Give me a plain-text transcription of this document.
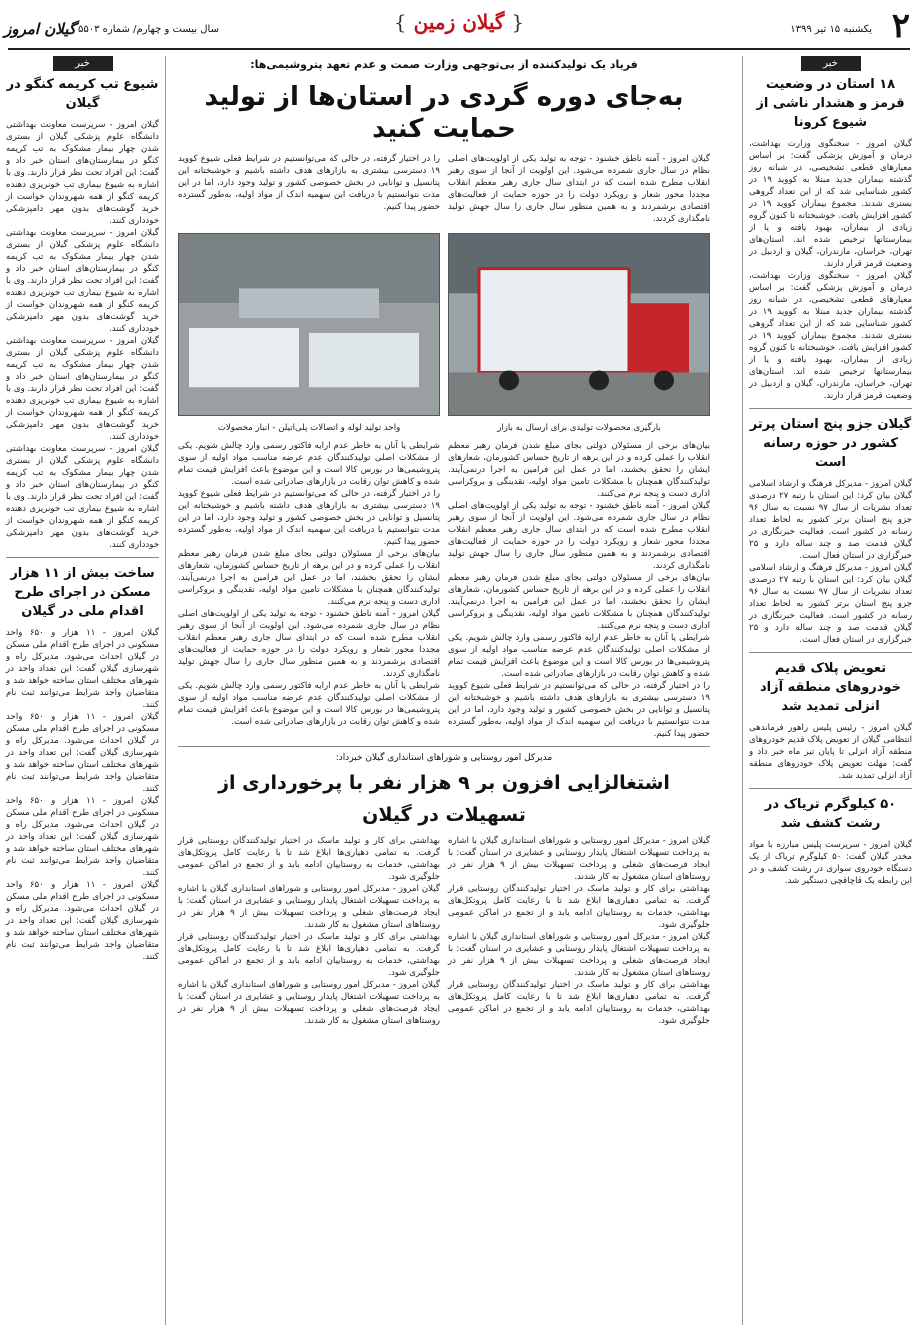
۲
یکشنبه ۱۵ تیر ۱۳۹۹
{ گیلان زمین }
سال بیست و چهارم/ شماره ۵۵۰۳
گیلان امروز
خبر
۱۸ استان در وضعیت قرمز و هشدار ناشی از شیوع کرونا
گیلان امروز - سخنگوی وزارت بهداشت، درمان و آموزش پزشکی گفت: بر اساس معیارهای قطعی تشخیصی، در شبانه روز گذشته بیماران جدید مبتلا به کووید ۱۹ در کشور شناسایی شد که از این تعداد گروهی بستری شدند. مجموع بیماران کووید ۱۹ در کشور افزایش یافت. خوشبختانه تا کنون گروه زیادی از بیماران، بهبود یافته و یا از بیمارستانها ترخیص شده اند. استان‌های تهران، خراسان، مازندران، گیلان و اردبیل در وضعیت قرمز قرار دارند.
گیلان امروز - سخنگوی وزارت بهداشت، درمان و آموزش پزشکی گفت: بر اساس معیارهای قطعی تشخیصی، در شبانه روز گذشته بیماران جدید مبتلا به کووید ۱۹ در کشور شناسایی شد که از این تعداد گروهی بستری شدند. مجموع بیماران کووید ۱۹ در کشور افزایش یافت. خوشبختانه تا کنون گروه زیادی از بیماران، بهبود یافته و یا از بیمارستانها ترخیص شده اند. استان‌های تهران، خراسان، مازندران، گیلان و اردبیل در وضعیت قرمز قرار دارند.
گیلان جزو پنج استان پرتر کشور در حوزه رسانه است
گیلان امروز - مدیرکل فرهنگ و ارشاد اسلامی گیلان بیان کرد: این استان با رتبه ۲۷ درصدی تعداد نشریات از سال ۹۷ نسبت به سال ۹۶ جزو پنج استان برتر کشور به لحاظ تعداد رسانه در کشور است. فعالیت خبرنگاری در گیلان قدمت صد و چند ساله دارد و ۲۵ خبرگزاری در استان فعال است.
گیلان امروز - مدیرکل فرهنگ و ارشاد اسلامی گیلان بیان کرد: این استان با رتبه ۲۷ درصدی تعداد نشریات از سال ۹۷ نسبت به سال ۹۶ جزو پنج استان برتر کشور به لحاظ تعداد رسانه در کشور است. فعالیت خبرنگاری در گیلان قدمت صد و چند ساله دارد و ۲۵ خبرگزاری در استان فعال است.
تعویض پلاک قدیم خودروهای منطقه آزاد انزلی تمدید شد
گیلان امروز - رئیس پلیس راهور فرماندهی انتظامی گیلان از تعویض پلاک قدیم خودروهای منطقه آزاد انزلی تا پایان تیر ماه خبر داد و گفت: مهلت تعویض پلاک خودروهای منطقه آزاد انزلی تمدید شد.
۵۰ کیلوگرم تریاک در رشت کشف شد
گیلان امروز - سرپرست پلیس مبارزه با مواد مخدر گیلان گفت: ۵۰ کیلوگرم تریاک از یک دستگاه خودروی سواری در رشت کشف و در این رابطه یک قاچاقچی دستگیر شد.
فریاد یک تولیدکننده از بی‌توجهی وزارت صمت و عدم تعهد پتروشیمی‌ها:
به‌جای دوره گردی در استان‌ها از تولید حمایت کنید
گیلان امروز - آمنه ناطق خشنود - توجه به تولید یکی از اولویت‌های اصلی نظام در سال جاری شمرده می‌شود. این اولویت از آنجا از سوی رهبر انقلاب مطرح شده است که در ابتدای سال جاری رهبر معظم انقلاب مجددا محور شعار و رویکرد دولت را در حوزه حمایت از فعالیت‌های اقتصادی برشمردند و به همین منظور سال جاری را سال جهش تولید نامگذاری کردند.
را در اختیار گرفته، در حالی که می‌توانستیم در شرایط فعلی شیوع کووید ۱۹ دسترسی بیشتری به بازارهای هدف داشته باشیم و خوشبختانه این پتانسیل و توانایی در بخش خصوصی کشور و تولید وجود دارد، اما در این مدت نتوانستیم با دریافت این سهمیه اندک از مواد اولیه، به‌طور گسترده حضور پیدا کنیم.
بارگیری محصولات تولیدی برای ارسال به بازار
واحد تولید لوله و اتصالات پلی‌اتیلن - انبار محصولات
بیان‌های برخی از مسئولان دولتی بجای مبلغ شدن فرمان رهبر معظم انقلاب را عملی کرده و در این برهه از تاریخ حساس کشورمان، شعارهای ایشان را تحقق بخشند، اما در عمل این فرامین به اجرا درنمی‌آیند. تولیدکنندگان همچنان با مشکلات تامین مواد اولیه، نقدینگی و بروکراسی اداری دست و پنجه نرم می‌کنند.
گیلان امروز - آمنه ناطق خشنود - توجه به تولید یکی از اولویت‌های اصلی نظام در سال جاری شمرده می‌شود. این اولویت از آنجا از سوی رهبر انقلاب مطرح شده است که در ابتدای سال جاری رهبر معظم انقلاب مجددا محور شعار و رویکرد دولت را در حوزه حمایت از فعالیت‌های اقتصادی برشمردند و به همین منظور سال جاری را سال جهش تولید نامگذاری کردند.
بیان‌های برخی از مسئولان دولتی بجای مبلغ شدن فرمان رهبر معظم انقلاب را عملی کرده و در این برهه از تاریخ حساس کشورمان، شعارهای ایشان را تحقق بخشند، اما در عمل این فرامین به اجرا درنمی‌آیند. تولیدکنندگان همچنان با مشکلات تامین مواد اولیه، نقدینگی و بروکراسی اداری دست و پنجه نرم می‌کنند.
شرایطی یا آنان به خاطر عدم ارایه فاکتور رسمی وارد چالش شویم. یکی از مشکلات اصلی تولیدکنندگان عدم عرضه مناسب مواد اولیه از سوی پتروشیمی‌ها در بورس کالا است و این موضوع باعث افزایش قیمت تمام شده و کاهش توان رقابت در بازارهای صادراتی شده است.
را در اختیار گرفته، در حالی که می‌توانستیم در شرایط فعلی شیوع کووید ۱۹ دسترسی بیشتری به بازارهای هدف داشته باشیم و خوشبختانه این پتانسیل و توانایی در بخش خصوصی کشور و تولید وجود دارد، اما در این مدت نتوانستیم با دریافت این سهمیه اندک از مواد اولیه، به‌طور گسترده حضور پیدا کنیم.
شرایطی یا آنان به خاطر عدم ارایه فاکتور رسمی وارد چالش شویم. یکی از مشکلات اصلی تولیدکنندگان عدم عرضه مناسب مواد اولیه از سوی پتروشیمی‌ها در بورس کالا است و این موضوع باعث افزایش قیمت تمام شده و کاهش توان رقابت در بازارهای صادراتی شده است.
را در اختیار گرفته، در حالی که می‌توانستیم در شرایط فعلی شیوع کووید ۱۹ دسترسی بیشتری به بازارهای هدف داشته باشیم و خوشبختانه این پتانسیل و توانایی در بخش خصوصی کشور و تولید وجود دارد، اما در این مدت نتوانستیم با دریافت این سهمیه اندک از مواد اولیه، به‌طور گسترده حضور پیدا کنیم.
بیان‌های برخی از مسئولان دولتی بجای مبلغ شدن فرمان رهبر معظم انقلاب را عملی کرده و در این برهه از تاریخ حساس کشورمان، شعارهای ایشان را تحقق بخشند، اما در عمل این فرامین به اجرا درنمی‌آیند. تولیدکنندگان همچنان با مشکلات تامین مواد اولیه، نقدینگی و بروکراسی اداری دست و پنجه نرم می‌کنند.
گیلان امروز - آمنه ناطق خشنود - توجه به تولید یکی از اولویت‌های اصلی نظام در سال جاری شمرده می‌شود. این اولویت از آنجا از سوی رهبر انقلاب مطرح شده است که در ابتدای سال جاری رهبر معظم انقلاب مجددا محور شعار و رویکرد دولت را در حوزه حمایت از فعالیت‌های اقتصادی برشمردند و به همین منظور سال جاری را سال جهش تولید نامگذاری کردند.
شرایطی یا آنان به خاطر عدم ارایه فاکتور رسمی وارد چالش شویم. یکی از مشکلات اصلی تولیدکنندگان عدم عرضه مناسب مواد اولیه از سوی پتروشیمی‌ها در بورس کالا است و این موضوع باعث افزایش قیمت تمام شده و کاهش توان رقابت در بازارهای صادراتی شده است.
مدیرکل امور روستایی و شوراهای استانداری گیلان خبرداد:
اشتغالزایی افزون بر ۹ هزار نفر با پرخورداری از تسهیلات در گیلان
گیلان امروز - مدیرکل امور روستایی و شوراهای استانداری گیلان با اشاره به پرداخت تسهیلات اشتغال پایدار روستایی و عشایری در استان گفت: با ایجاد فرصت‌های شغلی و پرداخت تسهیلات بیش از ۹ هزار نفر در روستاهای استان مشغول به کار شدند.
بهداشتی برای کار و تولید ماسک در اختیار تولیدکنندگان روستایی قرار گرفت. به تمامی دهیاری‌ها ابلاغ شد تا با رعایت کامل پروتکل‌های بهداشتی، خدمات به روستاییان ادامه یابد و از تجمع در اماکن عمومی جلوگیری شود.
گیلان امروز - مدیرکل امور روستایی و شوراهای استانداری گیلان با اشاره به پرداخت تسهیلات اشتغال پایدار روستایی و عشایری در استان گفت: با ایجاد فرصت‌های شغلی و پرداخت تسهیلات بیش از ۹ هزار نفر در روستاهای استان مشغول به کار شدند.
بهداشتی برای کار و تولید ماسک در اختیار تولیدکنندگان روستایی قرار گرفت. به تمامی دهیاری‌ها ابلاغ شد تا با رعایت کامل پروتکل‌های بهداشتی، خدمات به روستاییان ادامه یابد و از تجمع در اماکن عمومی جلوگیری شود.
بهداشتی برای کار و تولید ماسک در اختیار تولیدکنندگان روستایی قرار گرفت. به تمامی دهیاری‌ها ابلاغ شد تا با رعایت کامل پروتکل‌های بهداشتی، خدمات به روستاییان ادامه یابد و از تجمع در اماکن عمومی جلوگیری شود.
گیلان امروز - مدیرکل امور روستایی و شوراهای استانداری گیلان با اشاره به پرداخت تسهیلات اشتغال پایدار روستایی و عشایری در استان گفت: با ایجاد فرصت‌های شغلی و پرداخت تسهیلات بیش از ۹ هزار نفر در روستاهای استان مشغول به کار شدند.
بهداشتی برای کار و تولید ماسک در اختیار تولیدکنندگان روستایی قرار گرفت. به تمامی دهیاری‌ها ابلاغ شد تا با رعایت کامل پروتکل‌های بهداشتی، خدمات به روستاییان ادامه یابد و از تجمع در اماکن عمومی جلوگیری شود.
گیلان امروز - مدیرکل امور روستایی و شوراهای استانداری گیلان با اشاره به پرداخت تسهیلات اشتغال پایدار روستایی و عشایری در استان گفت: با ایجاد فرصت‌های شغلی و پرداخت تسهیلات بیش از ۹ هزار نفر در روستاهای استان مشغول به کار شدند.
خبر
شیوع تب کریمه کنگو در گیلان
گیلان امروز - سرپرست معاونت بهداشتی دانشگاه علوم پزشکی گیلان از بستری شدن چهار بیمار مشکوک به تب کریمه کنگو در بیمارستان‌های استان خبر داد و گفت: این افراد تحت نظر قرار دارند. وی با اشاره به شیوع بیماری تب خونریزی دهنده کریمه کنگو از همه شهروندان خواست از خرید گوشت‌های بدون مهر دامپزشکی خودداری کنند.
گیلان امروز - سرپرست معاونت بهداشتی دانشگاه علوم پزشکی گیلان از بستری شدن چهار بیمار مشکوک به تب کریمه کنگو در بیمارستان‌های استان خبر داد و گفت: این افراد تحت نظر قرار دارند. وی با اشاره به شیوع بیماری تب خونریزی دهنده کریمه کنگو از همه شهروندان خواست از خرید گوشت‌های بدون مهر دامپزشکی خودداری کنند.
گیلان امروز - سرپرست معاونت بهداشتی دانشگاه علوم پزشکی گیلان از بستری شدن چهار بیمار مشکوک به تب کریمه کنگو در بیمارستان‌های استان خبر داد و گفت: این افراد تحت نظر قرار دارند. وی با اشاره به شیوع بیماری تب خونریزی دهنده کریمه کنگو از همه شهروندان خواست از خرید گوشت‌های بدون مهر دامپزشکی خودداری کنند.
گیلان امروز - سرپرست معاونت بهداشتی دانشگاه علوم پزشکی گیلان از بستری شدن چهار بیمار مشکوک به تب کریمه کنگو در بیمارستان‌های استان خبر داد و گفت: این افراد تحت نظر قرار دارند. وی با اشاره به شیوع بیماری تب خونریزی دهنده کریمه کنگو از همه شهروندان خواست از خرید گوشت‌های بدون مهر دامپزشکی خودداری کنند.
ساخت بیش از ۱۱ هزار مسکن در اجرای طرح اقدام ملی در گیلان
گیلان امروز - ۱۱ هزار و ۶۵۰ واحد مسکونی در اجرای طرح اقدام ملی مسکن در گیلان احداث می‌شود. مدیرکل راه و شهرسازی گیلان گفت: این تعداد واحد در شهرهای مختلف استان ساخته خواهد شد و متقاضیان واجد شرایط می‌توانند ثبت نام کنند.
گیلان امروز - ۱۱ هزار و ۶۵۰ واحد مسکونی در اجرای طرح اقدام ملی مسکن در گیلان احداث می‌شود. مدیرکل راه و شهرسازی گیلان گفت: این تعداد واحد در شهرهای مختلف استان ساخته خواهد شد و متقاضیان واجد شرایط می‌توانند ثبت نام کنند.
گیلان امروز - ۱۱ هزار و ۶۵۰ واحد مسکونی در اجرای طرح اقدام ملی مسکن در گیلان احداث می‌شود. مدیرکل راه و شهرسازی گیلان گفت: این تعداد واحد در شهرهای مختلف استان ساخته خواهد شد و متقاضیان واجد شرایط می‌توانند ثبت نام کنند.
گیلان امروز - ۱۱ هزار و ۶۵۰ واحد مسکونی در اجرای طرح اقدام ملی مسکن در گیلان احداث می‌شود. مدیرکل راه و شهرسازی گیلان گفت: این تعداد واحد در شهرهای مختلف استان ساخته خواهد شد و متقاضیان واجد شرایط می‌توانند ثبت نام کنند.
